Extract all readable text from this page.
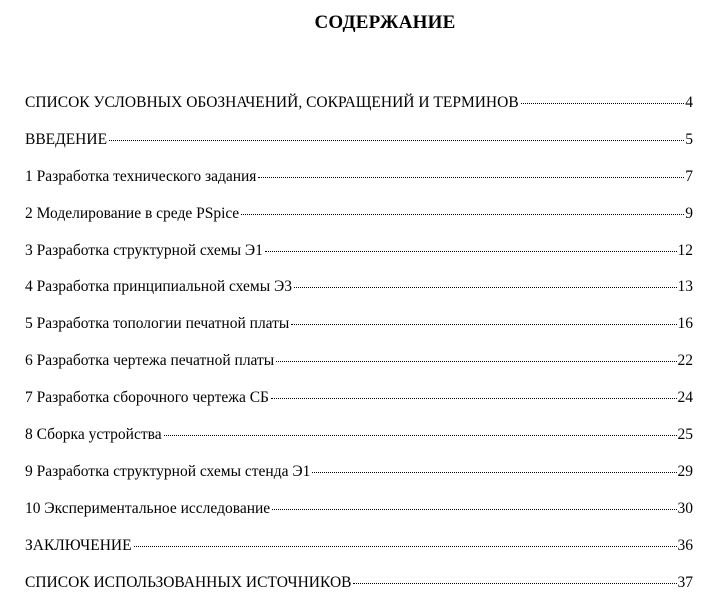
СОДЕРЖАНИЕ
СПИСОК УСЛОВНЫХ ОБОЗНАЧЕНИЙ, СОКРАЩЕНИЙ И ТЕРМИНОВ	4
ВВЕДЕНИЕ	5
1 Разработка технического задания	7
2 Моделирование в среде PSpice	9
3 Разработка структурной схемы Э1	12
4 Разработка принципиальной схемы Э3	13
5 Разработка топологии печатной платы	16
6 Разработка чертежа печатной платы	22
7 Разработка сборочного чертежа СБ	24
8 Сборка устройства	25
9 Разработка структурной схемы стенда Э1	29
10 Экспериментальное исследование	30
ЗАКЛЮЧЕНИЕ	36
СПИСОК ИСПОЛЬЗОВАННЫХ ИСТОЧНИКОВ	37
